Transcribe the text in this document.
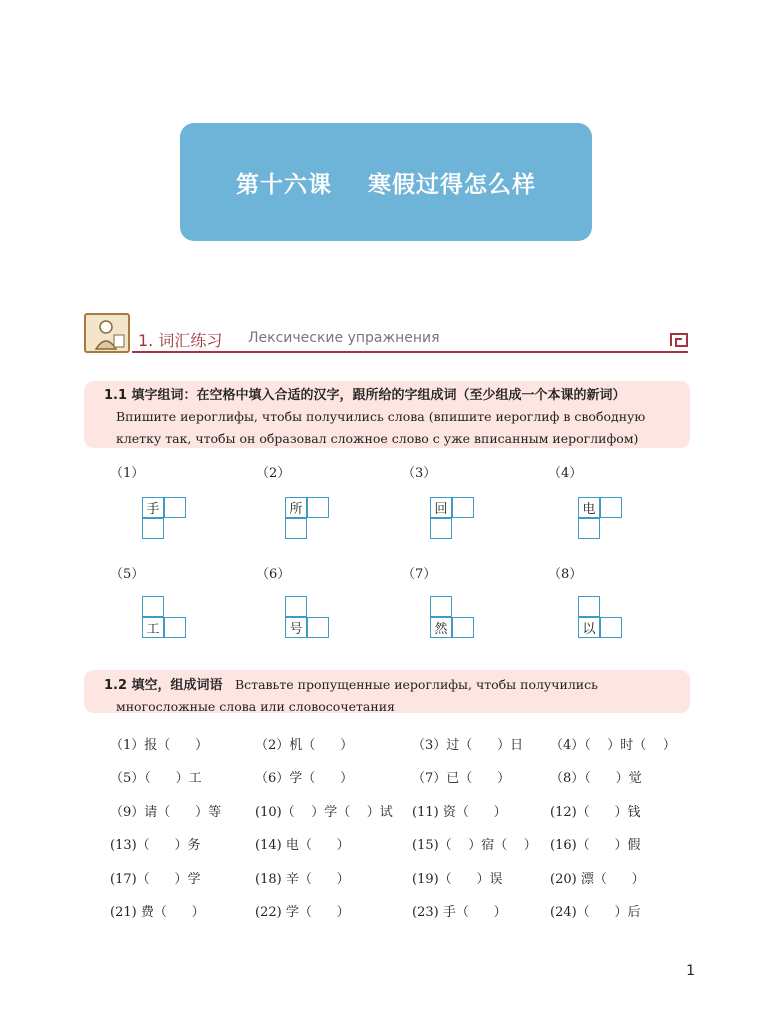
第十六课    寒假过得怎么样
1. 词汇练习 Лексические упражнения
1.1 填字组词：在空格中填入合适的汉字，跟所给的字组成词（至少组成一个本课的新词） Впишите иероглифы, чтобы получились слова (впишите иероглиф в свободную клетку так, чтобы он образовал сложное слово с уже вписанным иероглифом)
（1）
手
（2）
所
（3）
回
（4）
电
（5）
工
（6）
号
（7）
然
（8）
以
1.2 填空，组成词语 Вставьте пропущенные иероглифы, чтобы получились многосложные слова или словосочетания
（1）报（      ）	（2）机（      ）	（3）过（      ）日 （4）（    ）时（    ）
（5）（      ）工	（6）学（      ）	（7）已（      ）	（8）（      ）觉
（9）请（      ）等	(10)（    ）学（    ）试 (11) 资（      ）	(12)（      ）钱
(13)（      ）务	(14) 电（      ）	(15)（    ）宿（    ） (16)（      ）假
(17)（      ）学	(18) 辛（      ）	(19)（      ）误	(20) 漂（      ）
(21) 费（      ）	(22) 学（      ）	(23) 手（      ）	(24)（      ）后
1
